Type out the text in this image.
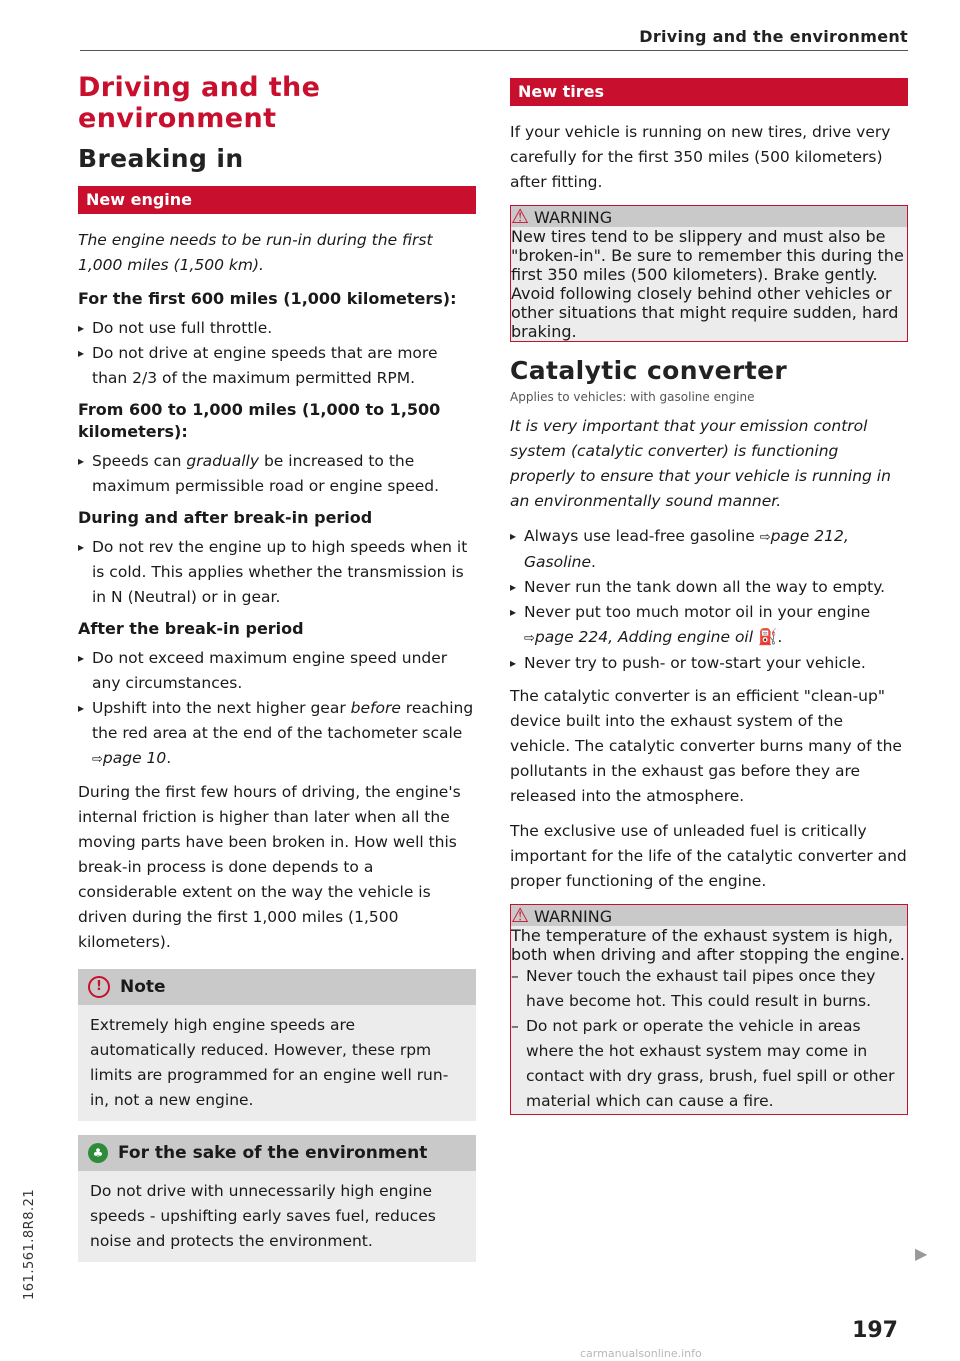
Driving and the environment
Driving and the environment
Breaking in
New engine

The engine needs to be run-in during the first 1,000 miles (1,500 km).

For the first 600 miles (1,000 kilometers):
▸ Do not use full throttle.
▸ Do not drive at engine speeds that are more than 2/3 of the maximum permitted RPM.
From 600 to 1,000 miles (1,000 to 1,500 kilometers):
▸ Speeds can gradually be increased to the maximum permissible road or engine speed.
During and after break-in period
▸ Do not rev the engine up to high speeds when it is cold. This applies whether the transmission is in N (Neutral) or in gear.
After the break-in period
▸ Do not exceed maximum engine speed under any circumstances.
▸ Upshift into the next higher gear before reaching the red area at the end of the tachometer scale ⇨page 10.

During the first few hours of driving, the engine's internal friction is higher than later when all the moving parts have been broken in. How well this break-in process is done depends to a considerable extent on the way the vehicle is driven during the first 1,000 miles (1,500 kilometers).

!	Note
Extremely high engine speeds are automatically reduced. However, these rpm limits are programmed for an engine well run-in, not a new engine.
♣ For the sake of the environment
Do not drive with unnecessarily high engine speeds - upshifting early saves fuel, reduces noise and protects the environment.
New tires

If your vehicle is running on new tires, drive very carefully for the first 350 miles (500 kilometers) after fitting.

⚠ WARNING
New tires tend to be slippery and must also be "broken-in". Be sure to remember this during the first 350 miles (500 kilometers). Brake gently. Avoid following closely behind other vehicles or other situations that might require sudden, hard braking.
Catalytic converter
Applies to vehicles: with gasoline engine

It is very important that your emission control system (catalytic converter) is functioning properly to ensure that your vehicle is running in an environmentally sound manner.

▸ Always use lead-free gasoline ⇨page 212, Gasoline.
▸ Never run the tank down all the way to empty.
▸ Never put too much motor oil in your engine ⇨page 224, Adding engine oil ⛽.
▸ Never try to push- or tow-start your vehicle.

The catalytic converter is an efficient "clean-up" device built into the exhaust system of the vehicle. The catalytic converter burns many of the pollutants in the exhaust gas before they are released into the atmosphere.

The exclusive use of unleaded fuel is critically important for the life of the catalytic converter and proper functioning of the engine.

⚠ WARNING
The temperature of the exhaust system is high, both when driving and after stopping the engine.
– Never touch the exhaust tail pipes once they have become hot. This could result in burns.
– Do not park or operate the vehicle in areas where the hot exhaust system may come in contact with dry grass, brush, fuel spill or other material which can cause a fire.
▶
197
161.561.8R8.21
carmanualsonline.info
